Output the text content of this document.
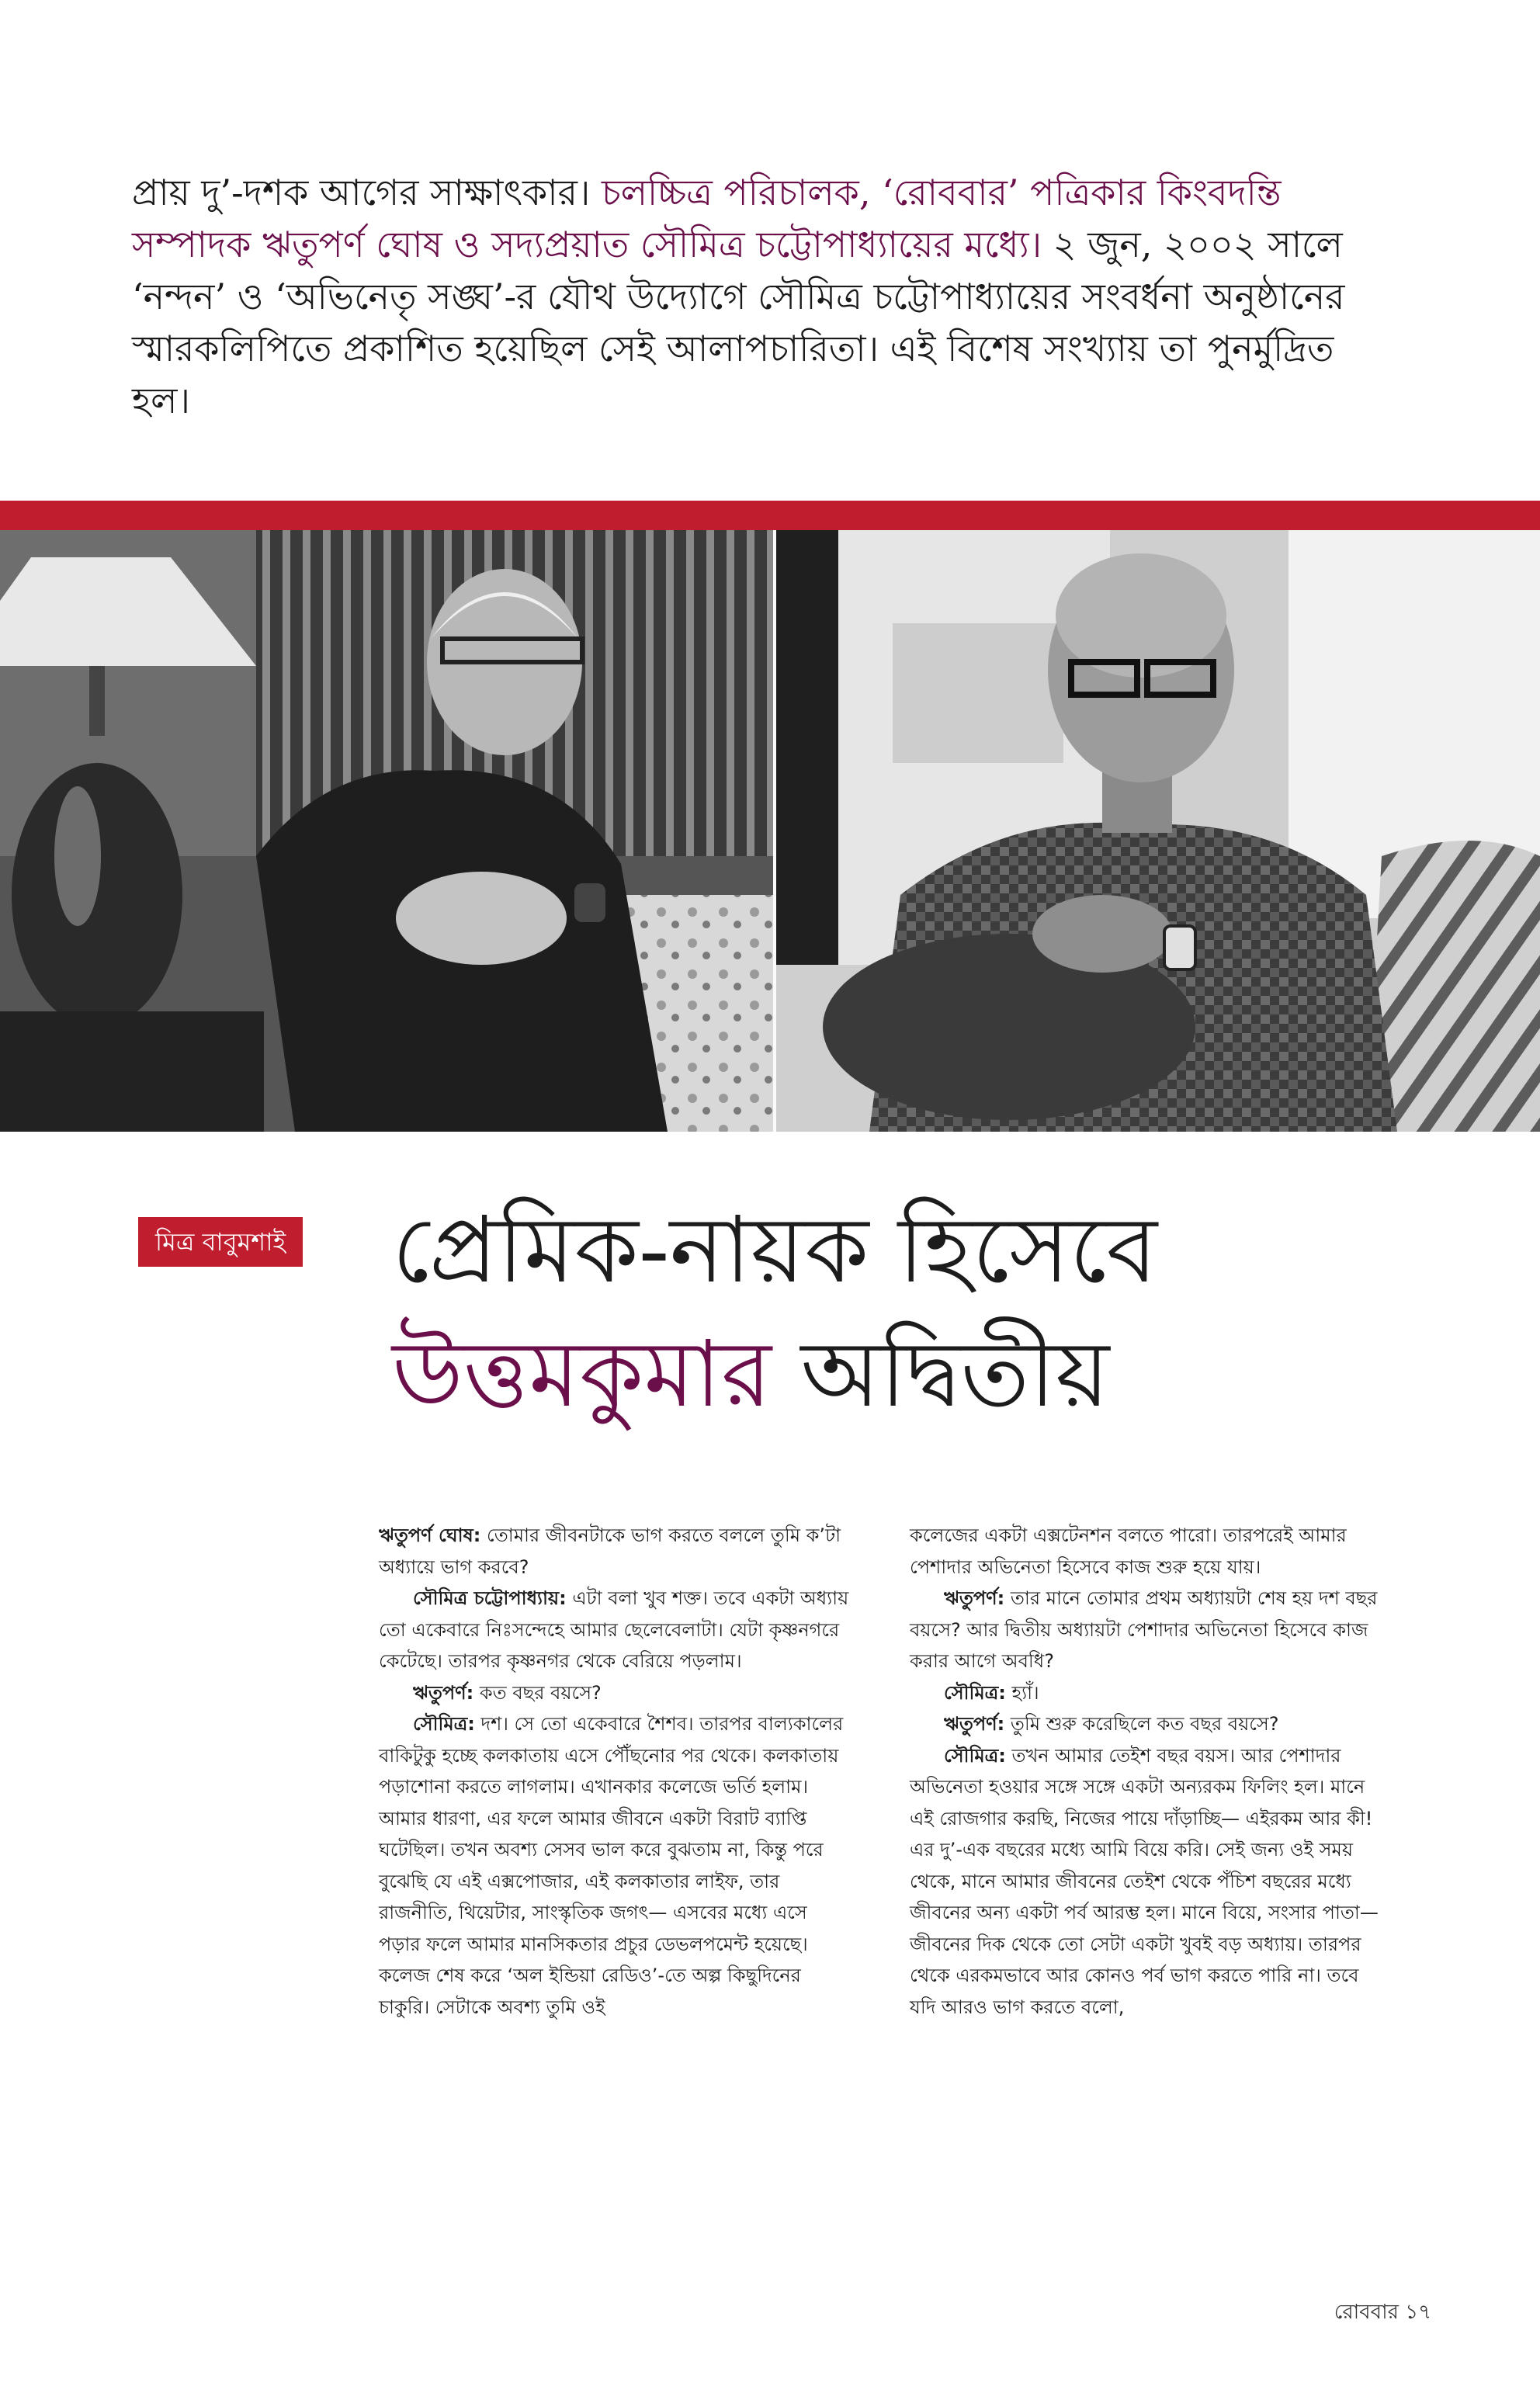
প্রায় দু’-দশক আগের সাক্ষাৎকার। চলচ্চিত্র পরিচালক, ‘রোববার’ পত্রিকার কিংবদন্তি সম্পাদক ঋতুপর্ণ ঘোষ ও সদ্যপ্রয়াত সৌমিত্র চট্টোপাধ্যায়ের মধ্যে। ২ জুন, ২০০২ সালে ‘নন্দন’ ও ‘অভিনেতৃ সঙ্ঘ’-র যৌথ উদ্যোগে সৌমিত্র চট্টোপাধ্যায়ের সংবর্ধনা অনুষ্ঠানের স্মারকলিপিতে প্রকাশিত হয়েছিল সেই আলাপচারিতা। এই বিশেষ সংখ্যায় তা পুনর্মুদ্রিত হল।
মিত্র বাবুমশাই প্রেমিক-নায়ক হিসেবে
উত্তমকুমার অদ্বিতীয়

ঋতুপর্ণ ঘোষ: তোমার জীবনটাকে ভাগ করতে বললে তুমি ক’টা অধ্যায়ে ভাগ করবে?

সৌমিত্র চট্টোপাধ্যায়: এটা বলা খুব শক্ত। তবে একটা অধ্যায় তো একেবারে নিঃসন্দেহে আমার ছেলেবেলাটা। যেটা কৃষ্ণনগরে কেটেছে। তারপর কৃষ্ণনগর থেকে বেরিয়ে পড়লাম।

ঋতুপর্ণ: কত বছর বয়সে?

সৌমিত্র: দশ। সে তো একেবারে শৈশব। তারপর বাল্যকালের বাকিটুকু হচ্ছে কলকাতায় এসে পৌঁছনোর পর থেকে। কলকাতায় পড়াশোনা করতে লাগলাম। এখানকার কলেজে ভর্তি হলাম। আমার ধারণা, এর ফলে আমার জীবনে একটা বিরাট ব্যাপ্তি ঘটেছিল। তখন অবশ্য সেসব ভাল করে বুঝতাম না, কিন্তু পরে বুঝেছি যে এই এক্সপোজার, এই কলকাতার লাইফ, তার রাজনীতি, থিয়েটার, সাংস্কৃতিক জগৎ— এসবের মধ্যে এসে পড়ার ফলে আমার মানসিকতার প্রচুর ডেভলপমেন্ট হয়েছে। কলেজ শেষ করে ‘অল ইন্ডিয়া রেডিও’-তে অল্প কিছুদিনের চাকুরি। সেটাকে অবশ্য তুমি ওই

কলেজের একটা এক্সটেনশন বলতে পারো। তারপরেই আমার পেশাদার অভিনেতা হিসেবে কাজ শুরু হয়ে যায়।

ঋতুপর্ণ: তার মানে তোমার প্রথম অধ্যায়টা শেষ হয় দশ বছর বয়সে? আর দ্বিতীয় অধ্যায়টা পেশাদার অভিনেতা হিসেবে কাজ করার আগে অবধি?

সৌমিত্র: হ্যাঁ।

ঋতুপর্ণ: তুমি শুরু করেছিলে কত বছর বয়সে?

সৌমিত্র: তখন আমার তেইশ বছর বয়স। আর পেশাদার অভিনেতা হওয়ার সঙ্গে সঙ্গে একটা অন্যরকম ফিলিং হল। মানে এই রোজগার করছি, নিজের পায়ে দাঁড়াচ্ছি— এইরকম আর কী! এর দু’-এক বছরের মধ্যে আমি বিয়ে করি। সেই জন্য ওই সময় থেকে, মানে আমার জীবনের তেইশ থেকে পঁচিশ বছরের মধ্যে জীবনের অন্য একটা পর্ব আরম্ভ হল। মানে বিয়ে, সংসার পাতা— জীবনের দিক থেকে তো সেটা একটা খুবই বড় অধ্যায়। তারপর থেকে এরকমভাবে আর কোনও পর্ব ভাগ করতে পারি না। তবে যদি আরও ভাগ করতে বলো,

রোববার ১৭
